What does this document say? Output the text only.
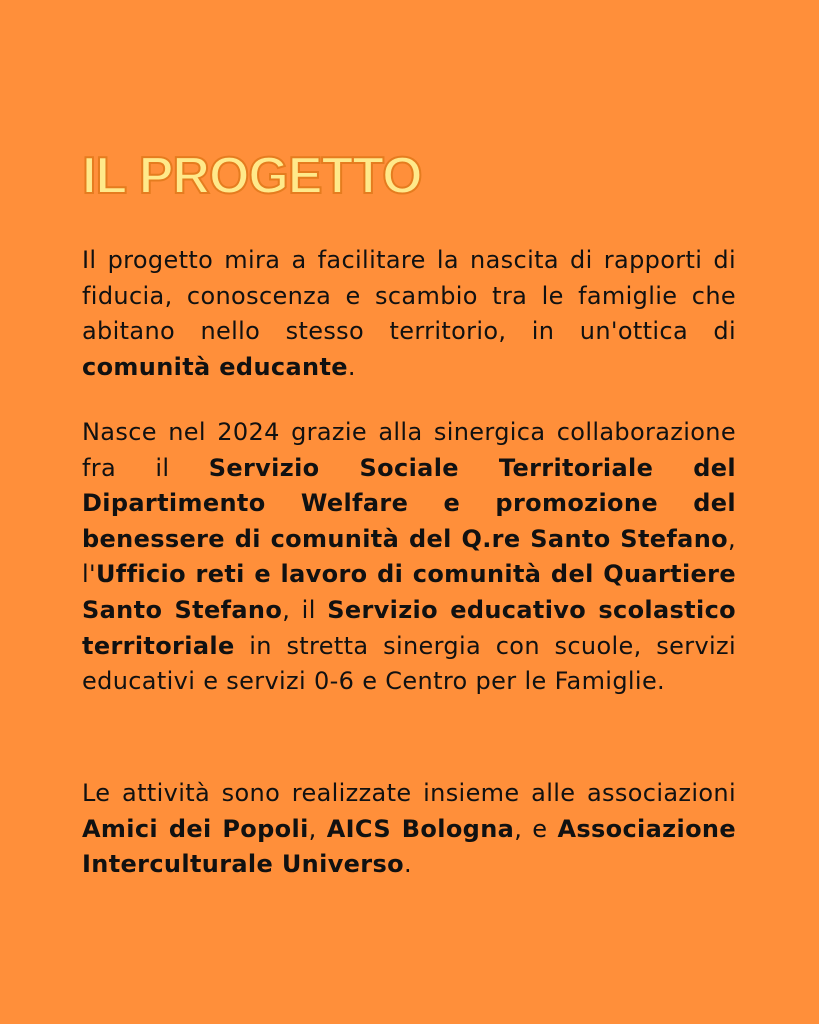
IL PROGETTO

Il progetto mira a facilitare la nascita di rapporti di fiducia, conoscenza e scambio tra le famiglie che abitano nello stesso territorio, in un'ottica di comunità educante.

Nasce nel 2024 grazie alla sinergica collaborazione fra il Servizio Sociale Territoriale del Dipartimento Welfare e promozione del benessere di comunità del Q.re Santo Stefano, l'Ufficio reti e lavoro di comunità del Quartiere Santo Stefano, il Servizio educativo scolastico territoriale in stretta sinergia con scuole, servizi educativi e servizi 0-6 e Centro per le Famiglie.

Le attività sono realizzate insieme alle associazioni Amici dei Popoli, AICS Bologna, e Associazione Interculturale Universo.
